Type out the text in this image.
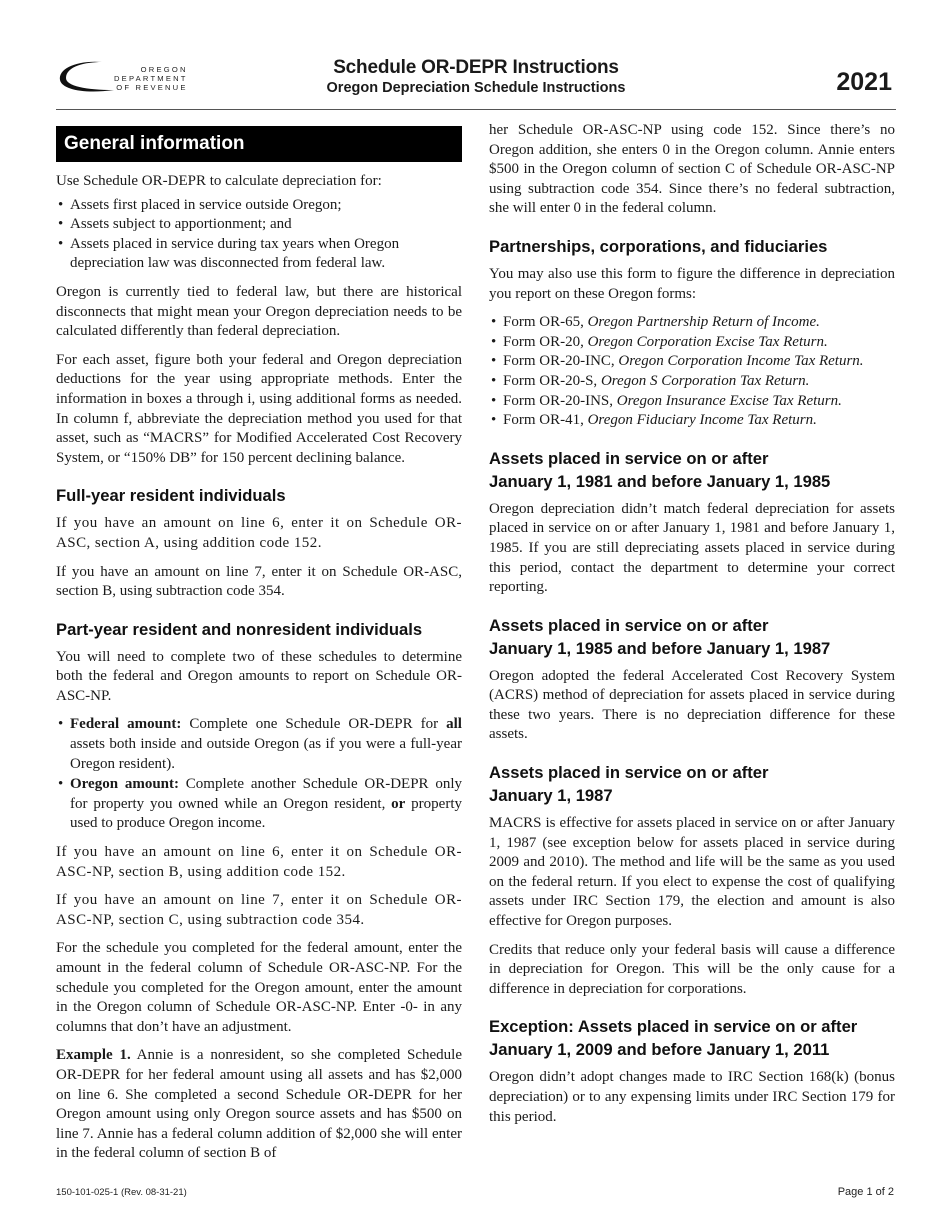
OREGON
DEPARTMENT
OF REVENUE
Schedule OR-DEPR Instructions
Oregon Depreciation Schedule Instructions	2021
General information

Use Schedule OR-DEPR to calculate depreciation for:

• Assets first placed in service outside Oregon;
• Assets subject to apportionment; and
• Assets placed in service during tax years when Oregon depreciation law was disconnected from federal law.

Oregon is currently tied to federal law, but there are historical disconnects that might mean your Oregon depreciation needs to be calculated differently than federal depreciation.

For each asset, figure both your federal and Oregon depreciation deductions for the year using appropriate methods. Enter the information in boxes a through i, using additional forms as needed. In column f, abbreviate the depreciation method you used for that asset, such as “MACRS” for Modified Accelerated Cost Recovery System, or “150% DB” for 150 percent declining balance.

Full-year resident individuals

If you have an amount on line 6, enter it on Schedule OR-ASC, section A, using addition code 152.

If you have an amount on line 7, enter it on Schedule OR-ASC, section B, using subtraction code 354.

Part-year resident and nonresident individuals

You will need to complete two of these schedules to determine both the federal and Oregon amounts to report on Schedule OR-ASC-NP.

• Federal amount: Complete one Schedule OR-DEPR for all assets both inside and outside Oregon (as if you were a full-year Oregon resident).
• Oregon amount: Complete another Schedule OR-DEPR only for property you owned while an Oregon resident, or property used to produce Oregon income.

If you have an amount on line 6, enter it on Schedule OR-ASC-NP, section B, using addition code 152.

If you have an amount on line 7, enter it on Schedule OR-ASC-NP, section C, using subtraction code 354.

For the schedule you completed for the federal amount, enter the amount in the federal column of Schedule OR-ASC-NP. For the schedule you completed for the Oregon amount, enter the amount in the Oregon column of Schedule OR-ASC-NP. Enter -0- in any columns that don’t have an adjustment.

Example 1. Annie is a nonresident, so she completed Schedule OR-DEPR for her federal amount using all assets and has $2,000 on line 6. She completed a second Schedule OR-DEPR for her Oregon amount using only Oregon source assets and has $500 on line 7. Annie has a federal column addition of $2,000 she will enter in the federal column of section B of

her Schedule OR-ASC-NP using code 152. Since there’s no Oregon addition, she enters 0 in the Oregon column. Annie enters $500 in the Oregon column of section C of Schedule OR-ASC-NP using subtraction code 354. Since there’s no federal subtraction, she will enter 0 in the federal column.

Partnerships, corporations, and fiduciaries

You may also use this form to figure the difference in depreciation you report on these Oregon forms:

• Form OR-65, Oregon Partnership Return of Income.
• Form OR-20, Oregon Corporation Excise Tax Return.
• Form OR-20-INC, Oregon Corporation Income Tax Return.
• Form OR-20-S, Oregon S Corporation Tax Return.
• Form OR-20-INS, Oregon Insurance Excise Tax Return.
• Form OR-41, Oregon Fiduciary Income Tax Return.
Assets placed in service on or after
January 1, 1981 and before January 1, 1985

Oregon depreciation didn’t match federal depreciation for assets placed in service on or after January 1, 1981 and before January 1, 1985. If you are still depreciating assets placed in service during this period, contact the department to determine your correct reporting.

Assets placed in service on or after
January 1, 1985 and before January 1, 1987

Oregon adopted the federal Accelerated Cost Recovery System (ACRS) method of depreciation for assets placed in service during these two years. There is no depreciation difference for these assets.

Assets placed in service on or after
January 1, 1987

MACRS is effective for assets placed in service on or after January 1, 1987 (see exception below for assets placed in service during 2009 and 2010). The method and life will be the same as you used on the federal return. If you elect to expense the cost of qualifying assets under IRC Section 179, the election and amount is also effective for Oregon purposes.

Credits that reduce only your federal basis will cause a difference in depreciation for Oregon. This will be the only cause for a difference in depreciation for corporations.

Exception: Assets placed in service on or after
January 1, 2009 and before January 1, 2011

Oregon didn’t adopt changes made to IRC Section 168(k) (bonus depreciation) or to any expensing limits under IRC Section 179 for this period.

150-101-025-1 (Rev. 08-31-21)	Page 1 of 2
